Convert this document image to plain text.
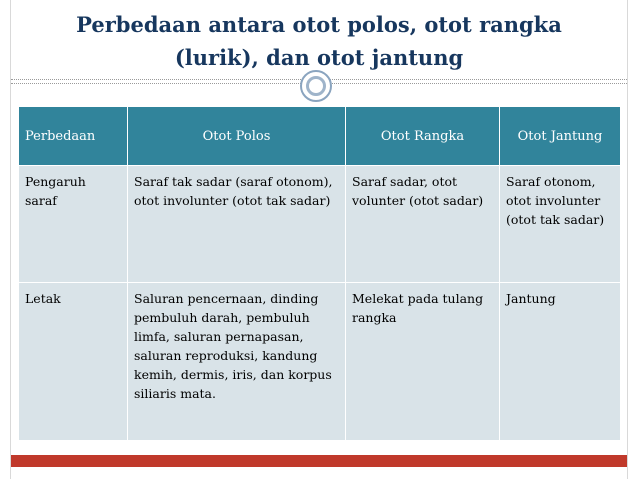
Perbedaan antara otot polos, otot rangka
(lurik), dan otot jantung
Perbedaan	Otot Polos	Otot Rangka	Otot Jantung
Pengaruh saraf	Saraf tak sadar (saraf otonom), otot involunter (otot tak sadar)	Saraf sadar, otot volunter (otot sadar)	Saraf otonom, otot involunter (otot tak sadar)
Letak	Saluran pencernaan, dinding pembuluh darah, pembuluh limfa, saluran pernapasan, saluran reproduksi, kandung kemih, dermis, iris, dan korpus siliaris mata.	Melekat pada tulang rangka	Jantung
